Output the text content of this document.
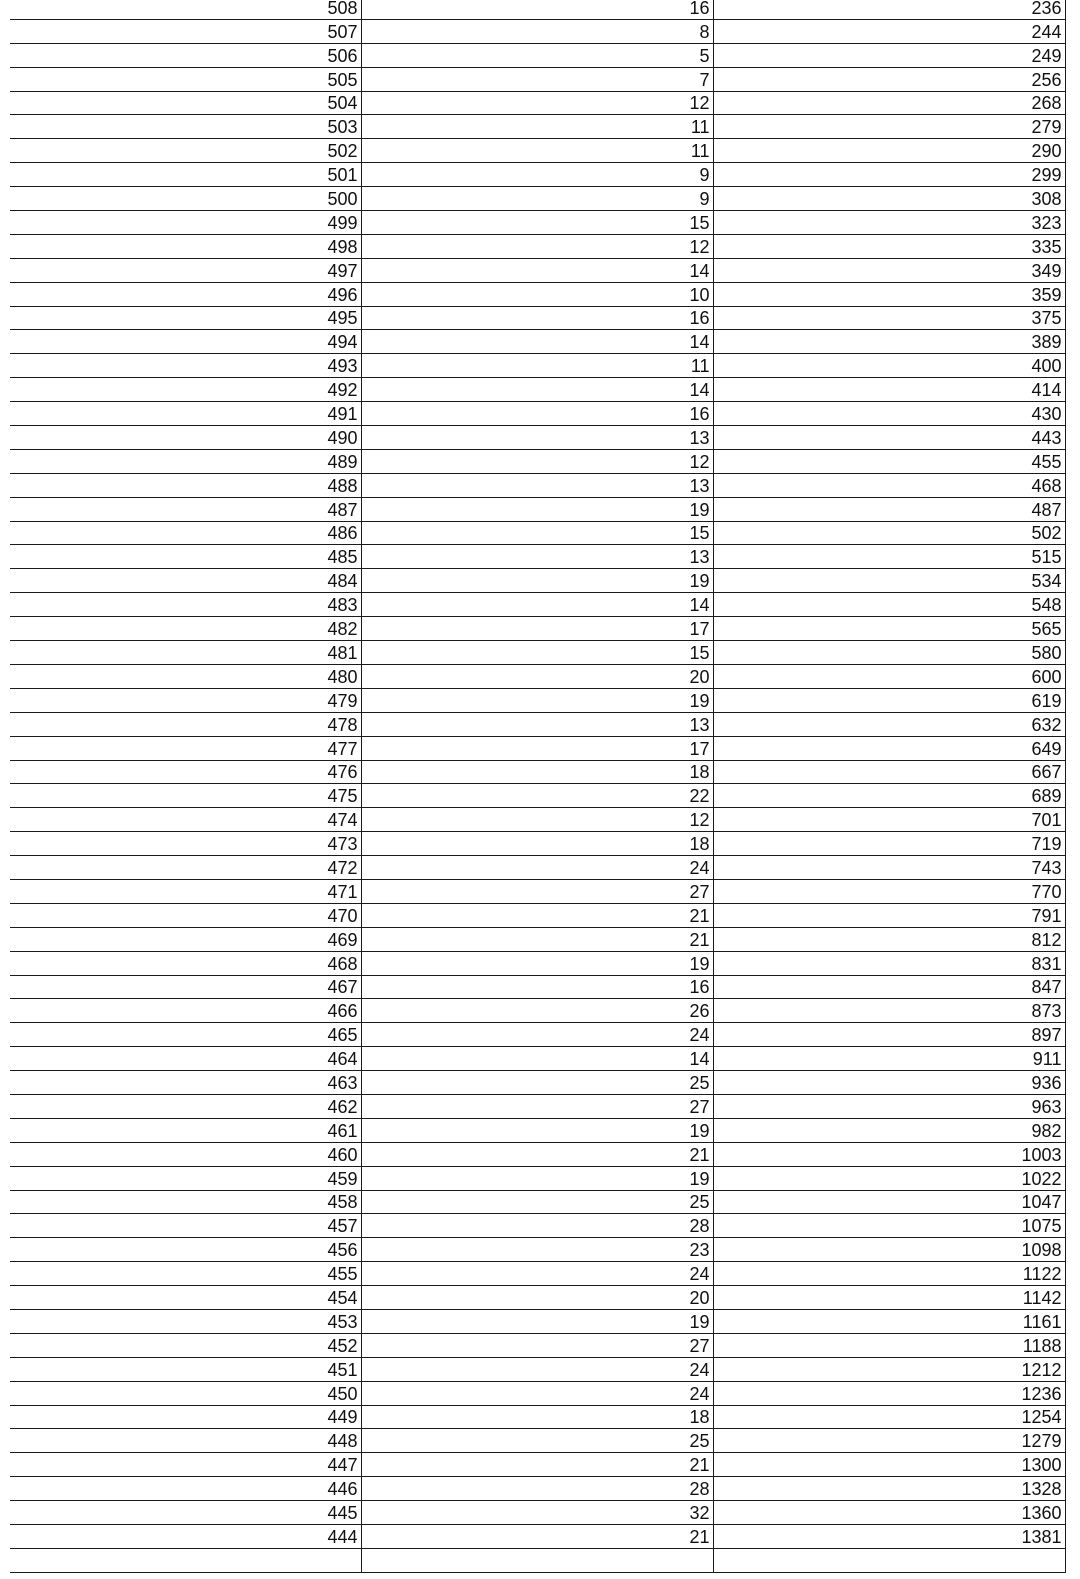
508	16	236
507	8	244
506	5	249
505	7	256
504	12	268
503	11	279
502	11	290
501	9	299
500	9	308
499	15	323
498	12	335
497	14	349
496	10	359
495	16	375
494	14	389
493	11	400
492	14	414
491	16	430
490	13	443
489	12	455
488	13	468
487	19	487
486	15	502
485	13	515
484	19	534
483	14	548
482	17	565
481	15	580
480	20	600
479	19	619
478	13	632
477	17	649
476	18	667
475	22	689
474	12	701
473	18	719
472	24	743
471	27	770
470	21	791
469	21	812
468	19	831
467	16	847
466	26	873
465	24	897
464	14	911
463	25	936
462	27	963
461	19	982
460	21	1003
459	19	1022
458	25	1047
457	28	1075
456	23	1098
455	24	1122
454	20	1142
453	19	1161
452	27	1188
451	24	1212
450	24	1236
449	18	1254
448	25	1279
447	21	1300
446	28	1328
445	32	1360
444	21	1381
